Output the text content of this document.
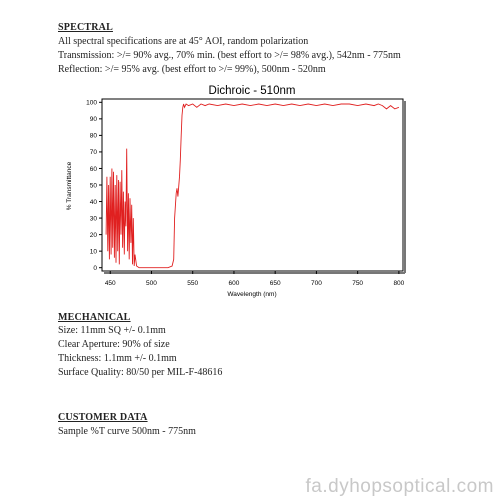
SPECTRAL
All spectral specifications are at 45° AOI, random polarization
Transmission: >/= 90% avg., 70% min. (best effort to >/= 98% avg.), 542nm - 775nm
Reflection: >/= 95% avg. (best effort to >/= 99%), 500nm - 520nm
Dichroic - 510nm
% Transmittance
Wavelength (nm)
0
10
20
30
40
50
60
70
80
90
100
450	500	550	600	650	700	750	800
MECHANICAL
Size: 11mm SQ +/- 0.1mm
Clear Aperture: 90% of size
Thickness: 1.1mm +/- 0.1mm
Surface Quality: 80/50 per MIL-F-48616
CUSTOMER DATA
Sample %T curve 500nm - 775nm
fa.dyhopsoptical.com
